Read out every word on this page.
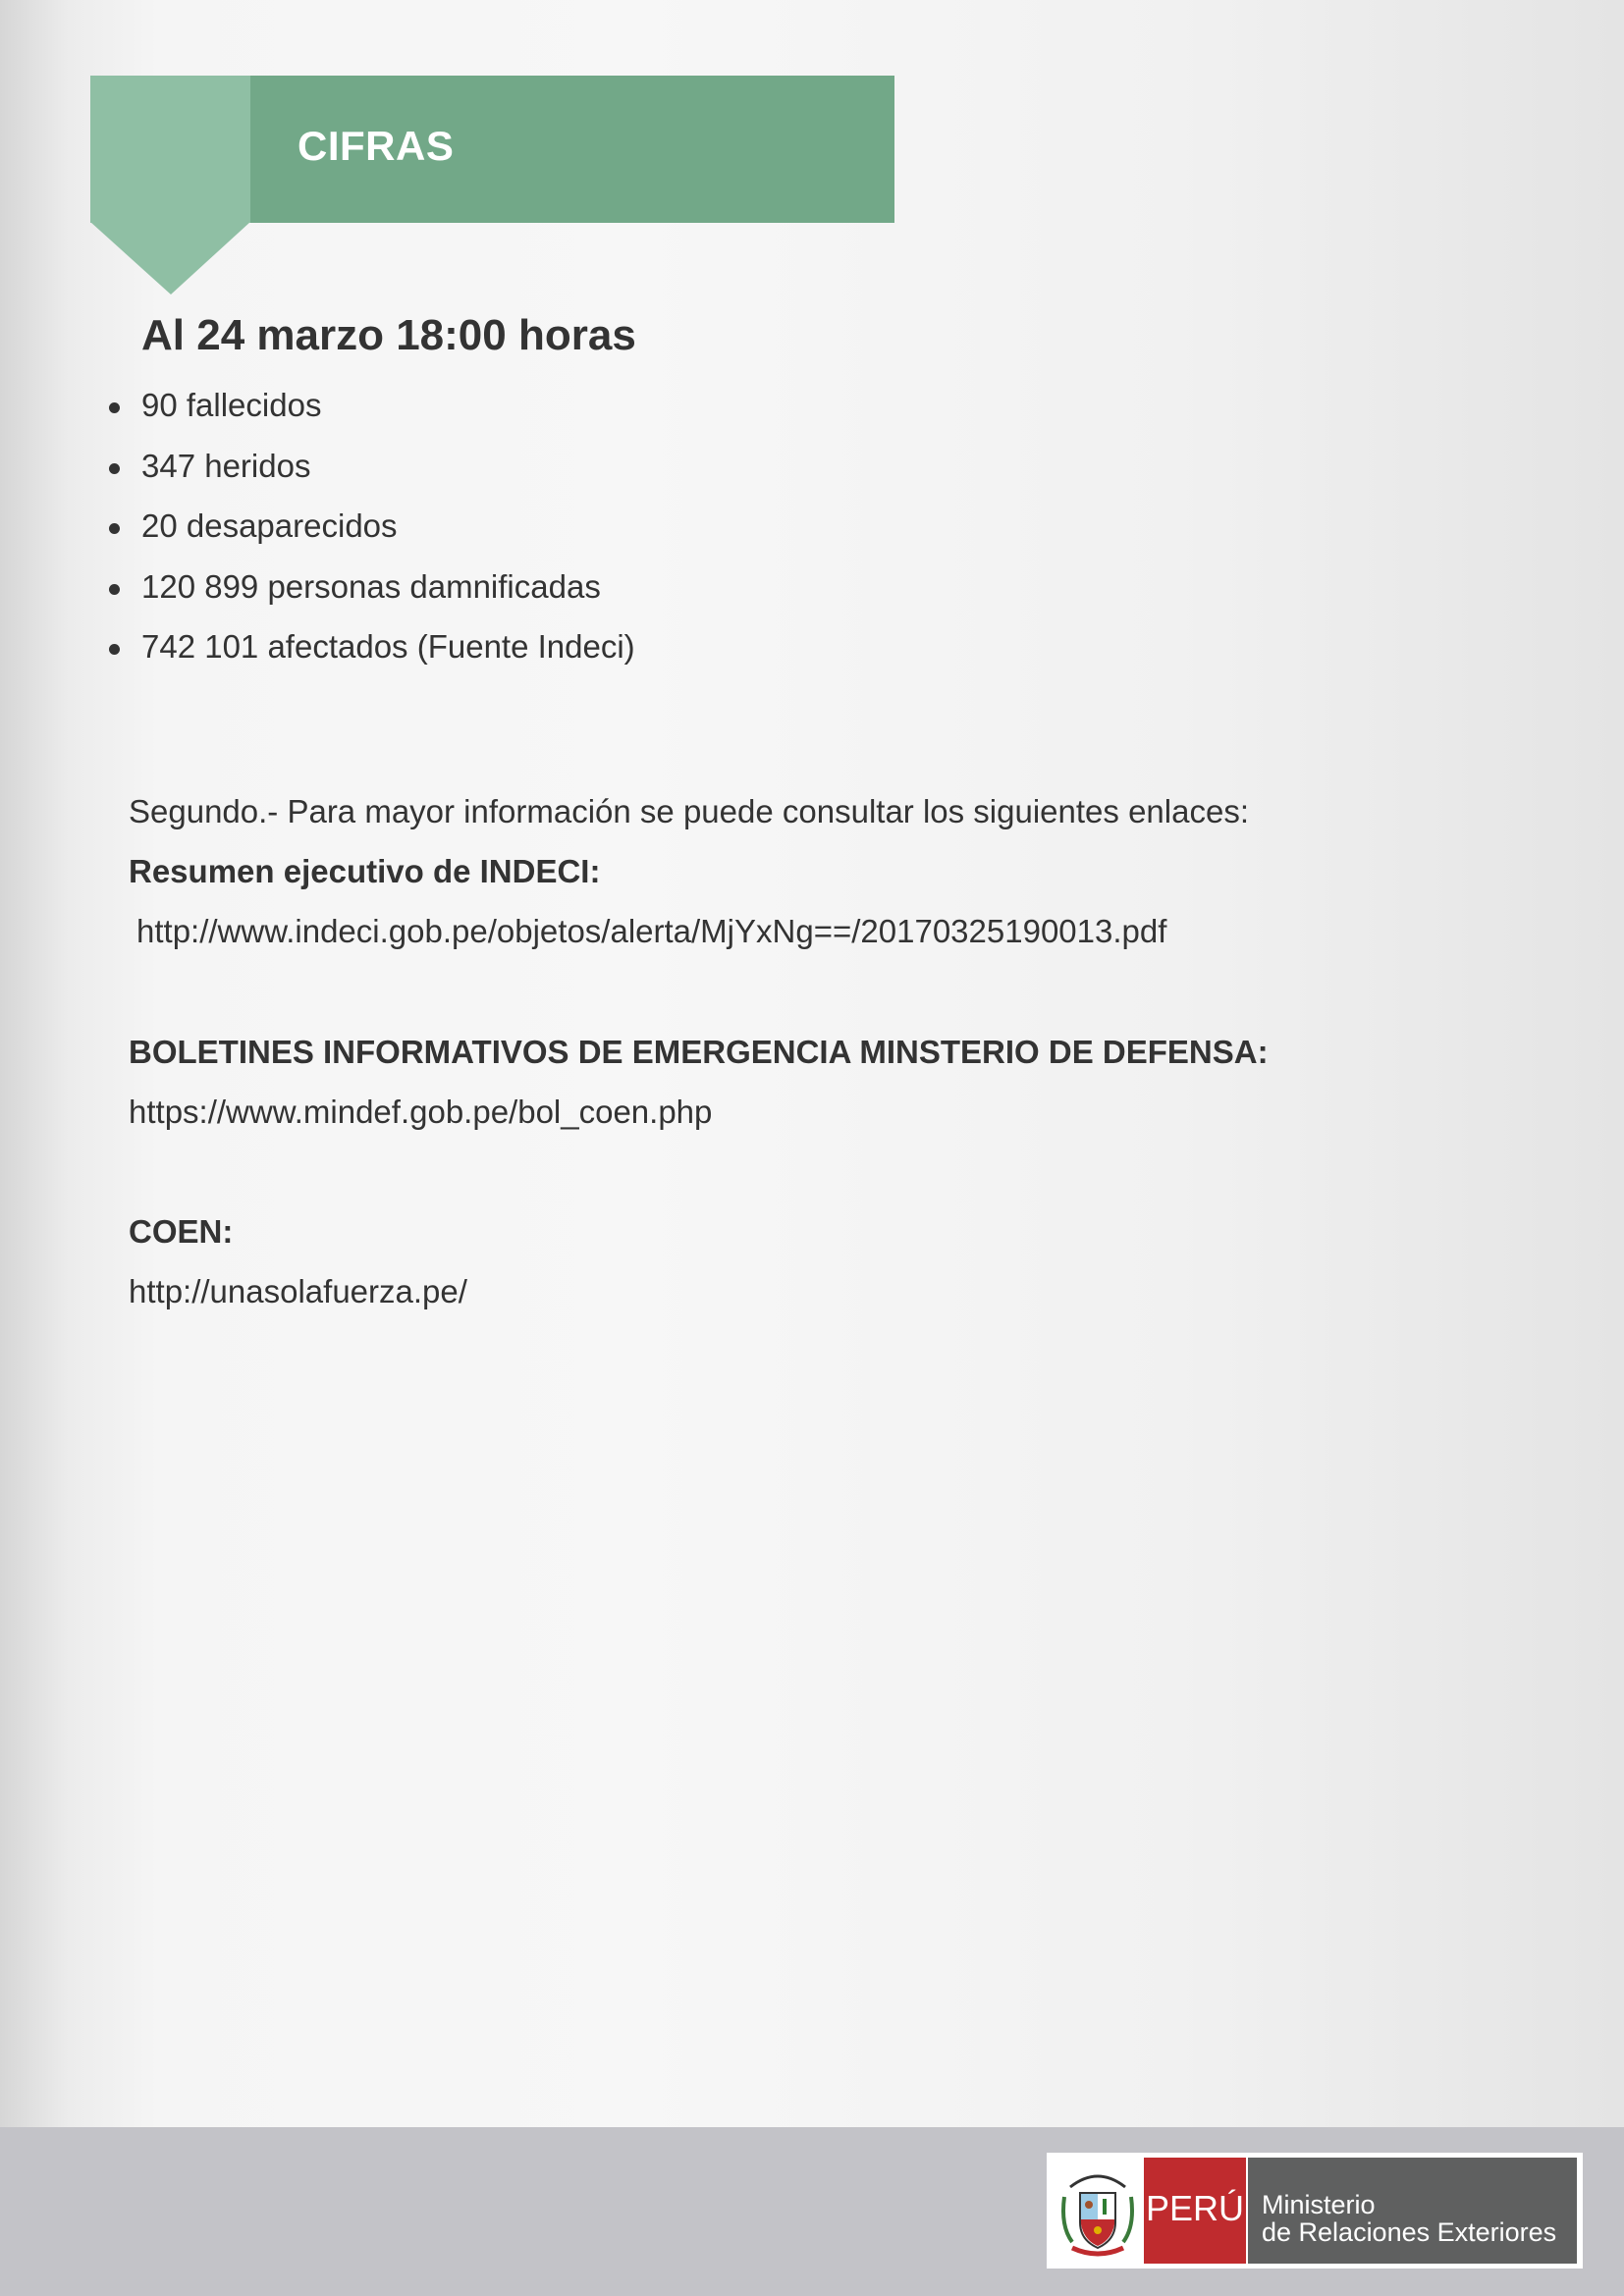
CIFRAS
Al 24 marzo 18:00 horas
90 fallecidos
347 heridos
20 desaparecidos
120 899 personas damnificadas
742 101 afectados (Fuente Indeci)
Segundo.- Para mayor información se puede consultar los siguientes enlaces:
Resumen ejecutivo de INDECI:
http://www.indeci.gob.pe/objetos/alerta/MjYxNg==/20170325190013.pdf
BOLETINES INFORMATIVOS DE EMERGENCIA MINSTERIO DE DEFENSA:
https://www.mindef.gob.pe/bol_coen.php
COEN:
http://unasolafuerza.pe/
PERÚ Ministerio
de Relaciones Exteriores
